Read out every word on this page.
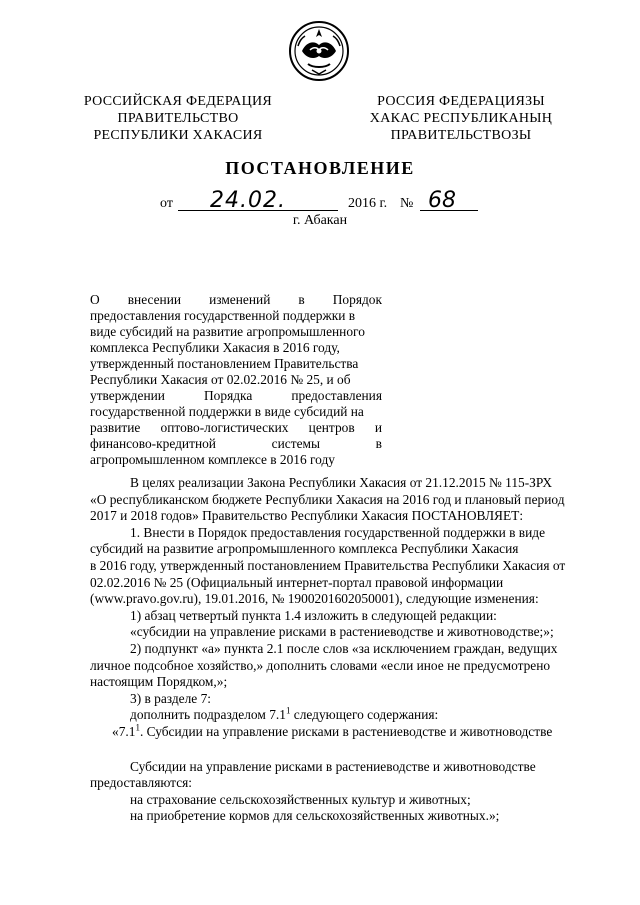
РОССИЙСКАЯ ФЕДЕРАЦИЯ
ПРАВИТЕЛЬСТВО
РЕСПУБЛИКИ ХАКАСИЯ
РОССИЯ ФЕДЕРАЦИЯЗЫ
ХАКАС РЕСПУБЛИКАНЫҢ
ПРАВИТЕЛЬСТВОЗЫ
ПОСТАНОВЛЕНИЕ
от 24.02.	2016 г. № 68
г. Абакан
О внесении изменений в Порядок
предоставления государственной поддержки в
виде субсидий на развитие агропромышленного
комплекса Республики Хакасия в 2016 году,
утвержденный постановлением Правительства
Республики Хакасия от 02.02.2016 № 25, и об
утверждении Порядка предоставления
государственной поддержки в виде субсидий на
развитие оптово-логистических центров и
финансово-кредитной системы в
агропромышленном комплексе в 2016 году
В целях реализации Закона Республики Хакасия от 21.12.2015 № 115-ЗРХ
«О республиканском бюджете Республики Хакасия на 2016 год и плановый период
2017 и 2018 годов» Правительство Республики Хакасия ПОСТАНОВЛЯЕТ:
1. Внести в Порядок предоставления государственной поддержки в виде
субсидий на развитие агропромышленного комплекса Республики Хакасия
в 2016 году, утвержденный постановлением Правительства Республики Хакасия от
02.02.2016 № 25 (Официальный интернет-портал правовой информации
(www.pravo.gov.ru), 19.01.2016, № 1900201602050001), следующие изменения:
1) абзац четвертый пункта 1.4 изложить в следующей редакции:
«субсидии на управление рисками в растениеводстве и животноводстве;»;
2) подпункт «а» пункта 2.1 после слов «за исключением граждан, ведущих
личное подсобное хозяйство,» дополнить словами «если иное не предусмотрено
настоящим Порядком,»;
3) в разделе 7:
дополнить подразделом $7.1^1$ следующего содержания:
«$7.1^1$. Субсидии на управление рисками в растениеводстве и животноводстве
Субсидии на управление рисками в растениеводстве и животноводстве
предоставляются:
на страхование сельскохозяйственных культур и животных;
на приобретение кормов для сельскохозяйственных животных.»;
